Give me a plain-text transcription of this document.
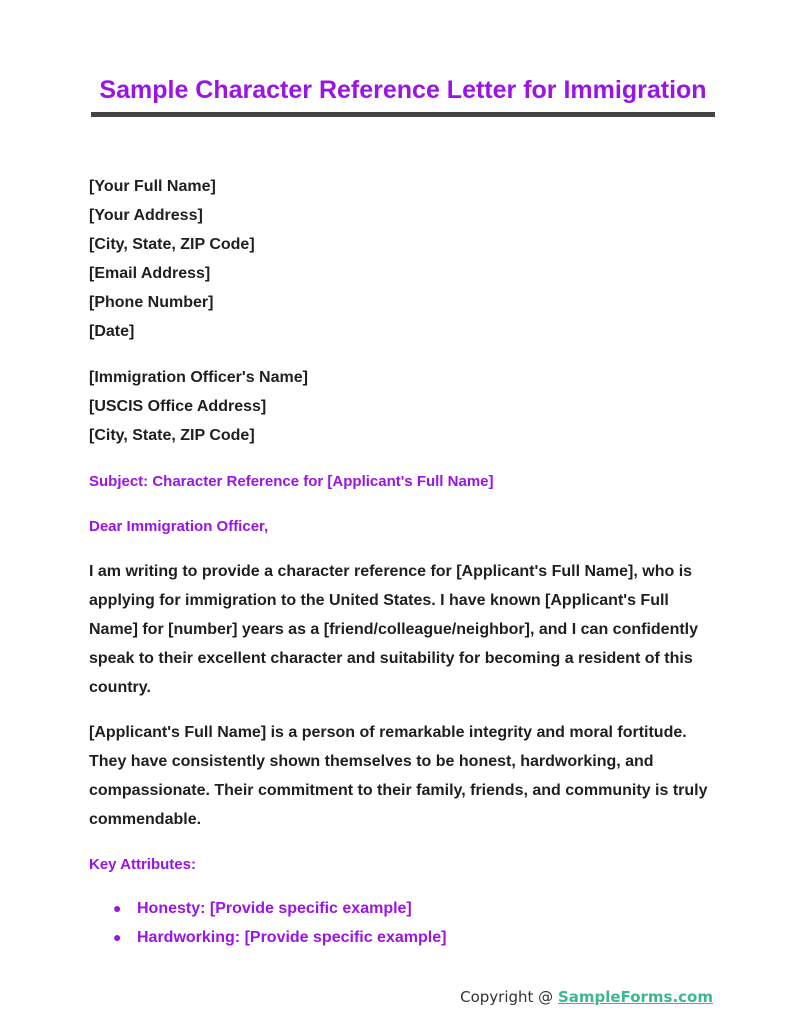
Sample Character Reference Letter for Immigration
[Your Full Name]
[Your Address]
[City, State, ZIP Code]
[Email Address]
[Phone Number]
[Date]
[Immigration Officer's Name]
[USCIS Office Address]
[City, State, ZIP Code]
Subject: Character Reference for [Applicant's Full Name]
Dear Immigration Officer,

I am writing to provide a character reference for [Applicant's Full Name], who is applying for immigration to the United States. I have known [Applicant's Full Name] for [number] years as a [friend/colleague/neighbor], and I can confidently speak to their excellent character and suitability for becoming a resident of this country.

[Applicant's Full Name] is a person of remarkable integrity and moral fortitude. They have consistently shown themselves to be honest, hardworking, and compassionate. Their commitment to their family, friends, and community is truly commendable.

Key Attributes:
● Honesty: [Provide specific example]
● Hardworking: [Provide specific example]
Copyright @ SampleForms.com
